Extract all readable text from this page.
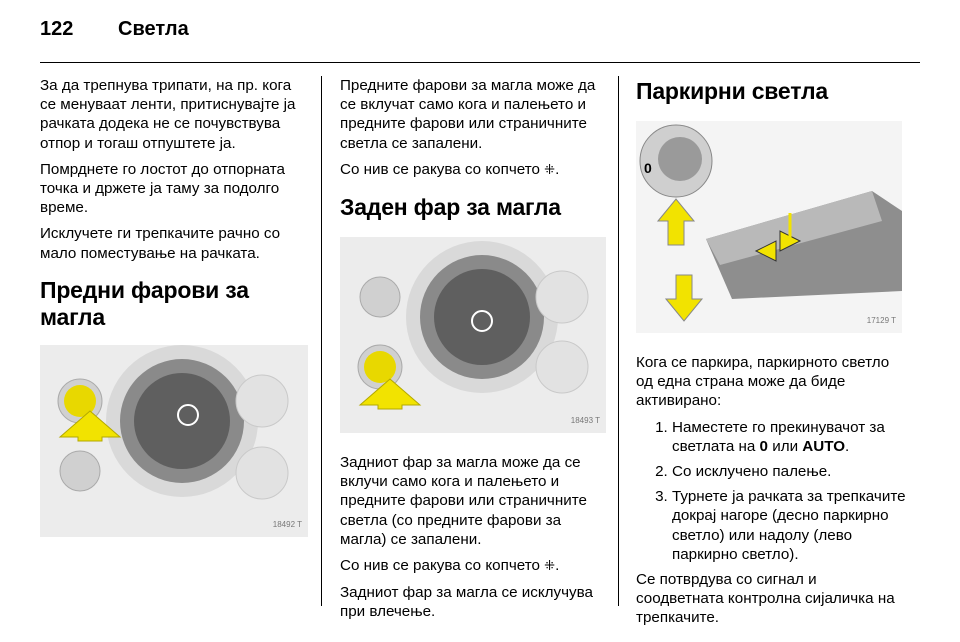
122 Светла

За да трепнува трипати, на пр. кога се менуваат ленти, притиснувајте ја рачката додека не се почувствува отпор и тогаш отпуштете ја.

Помрднете го лостот до отпорната точка и држете ја таму за подолго време.

Исклучете ги трепкачите рачно со мало поместување на рачката.

Предни фарови за магла
18492 T

Предните фарови за магла може да се вклучат само кога и палењето и предните фарови или страничните светла се запалени.

Со нив се ракува со копчето ⁜.

Заден фар за магла
18493 T

Задниот фар за магла може да се вклучи само кога и палењето и предните фарови или страничните светла (со предните фарови за магла) се запалени.

Со нив се ракува со копчето ⁜.

Задниот фар за магла се исклучува при влечење.

Паркирни светла
0
17129 T

Кога се паркира, паркирното светло од една страна може да биде активирано:

1. Наместете го прекинувачот за светлата на 0 или AUTO.
2. Со исклучено палење.
3. Турнете ја рачката за трепкачите докрај нагоре (десно паркирно светло) или надолу (лево паркирно светло).

Се потврдува со сигнал и соодветната контролна сијаличка на трепкачите.
